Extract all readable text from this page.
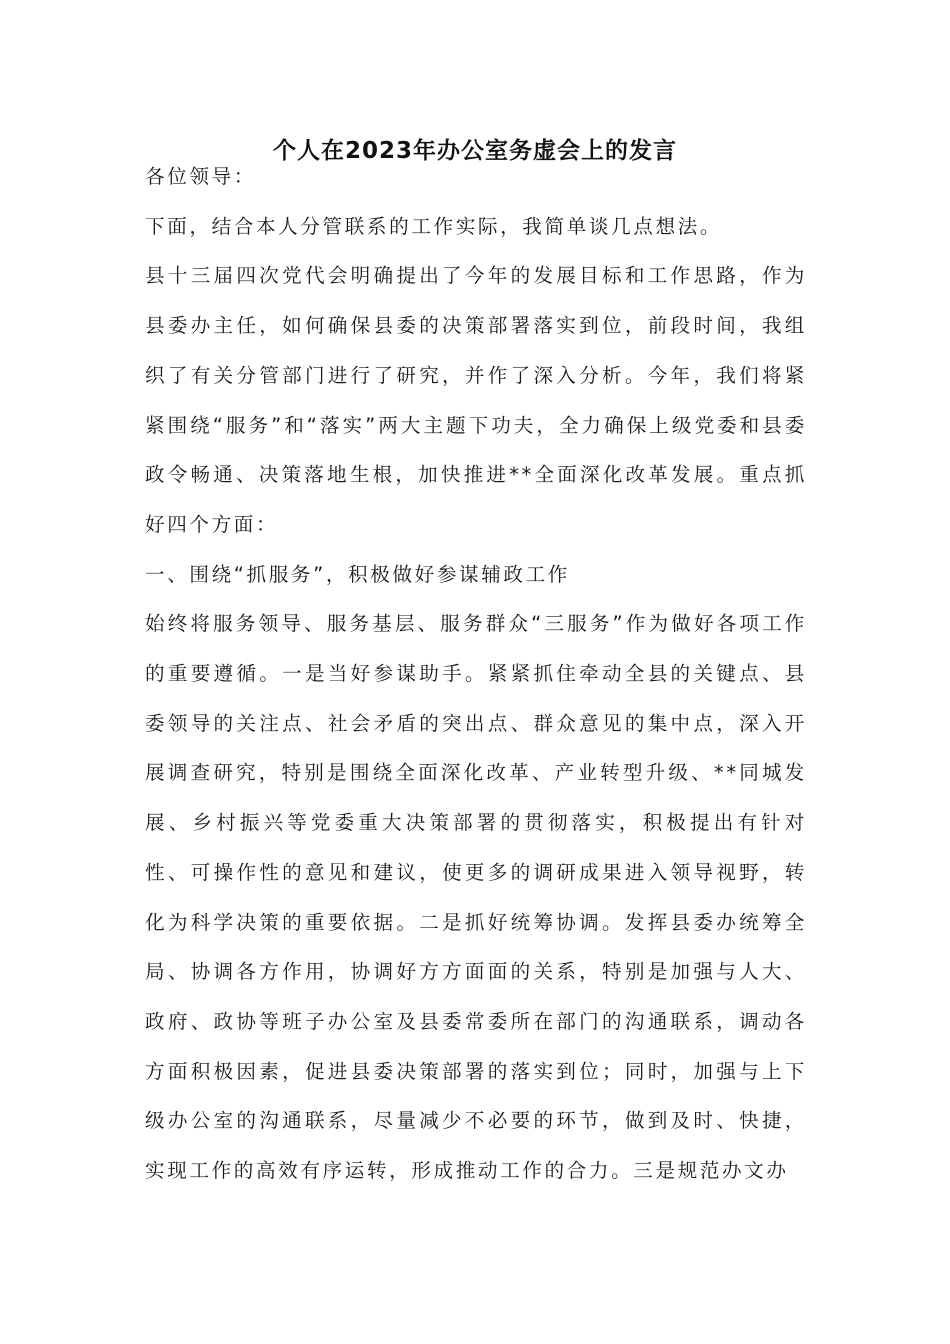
个人在2023年办公室务虚会上的发言

各位领导：

下面，结合本人分管联系的工作实际，我简单谈几点想法。

县十三届四次党代会明确提出了今年的发展目标和工作思路，作为县委办主任，如何确保县委的决策部署落实到位，前段时间，我组织了有关分管部门进行了研究，并作了深入分析。今年，我们将紧紧围绕“服务”和“落实”两大主题下功夫，全力确保上级党委和县委政令畅通、决策落地生根，加快推进**全面深化改革发展。重点抓好四个方面：

一、围绕“抓服务”，积极做好参谋辅政工作

始终将服务领导、服务基层、服务群众“三服务”作为做好各项工作的重要遵循。一是当好参谋助手。紧紧抓住牵动全县的关键点、县委领导的关注点、社会矛盾的突出点、群众意见的集中点，深入开展调查研究，特别是围绕全面深化改革、产业转型升级、**同城发展、乡村振兴等党委重大决策部署的贯彻落实，积极提出有针对性、可操作性的意见和建议，使更多的调研成果进入领导视野，转化为科学决策的重要依据。二是抓好统筹协调。发挥县委办统筹全局、协调各方作用，协调好方方面面的关系，特别是加强与人大、政府、政协等班子办公室及县委常委所在部门的沟通联系，调动各方面积极因素，促进县委决策部署的落实到位；同时，加强与上下级办公室的沟通联系，尽量减少不必要的环节，做到及时、快捷，实现工作的高效有序运转，形成推动工作的合力。三是规范办文办
